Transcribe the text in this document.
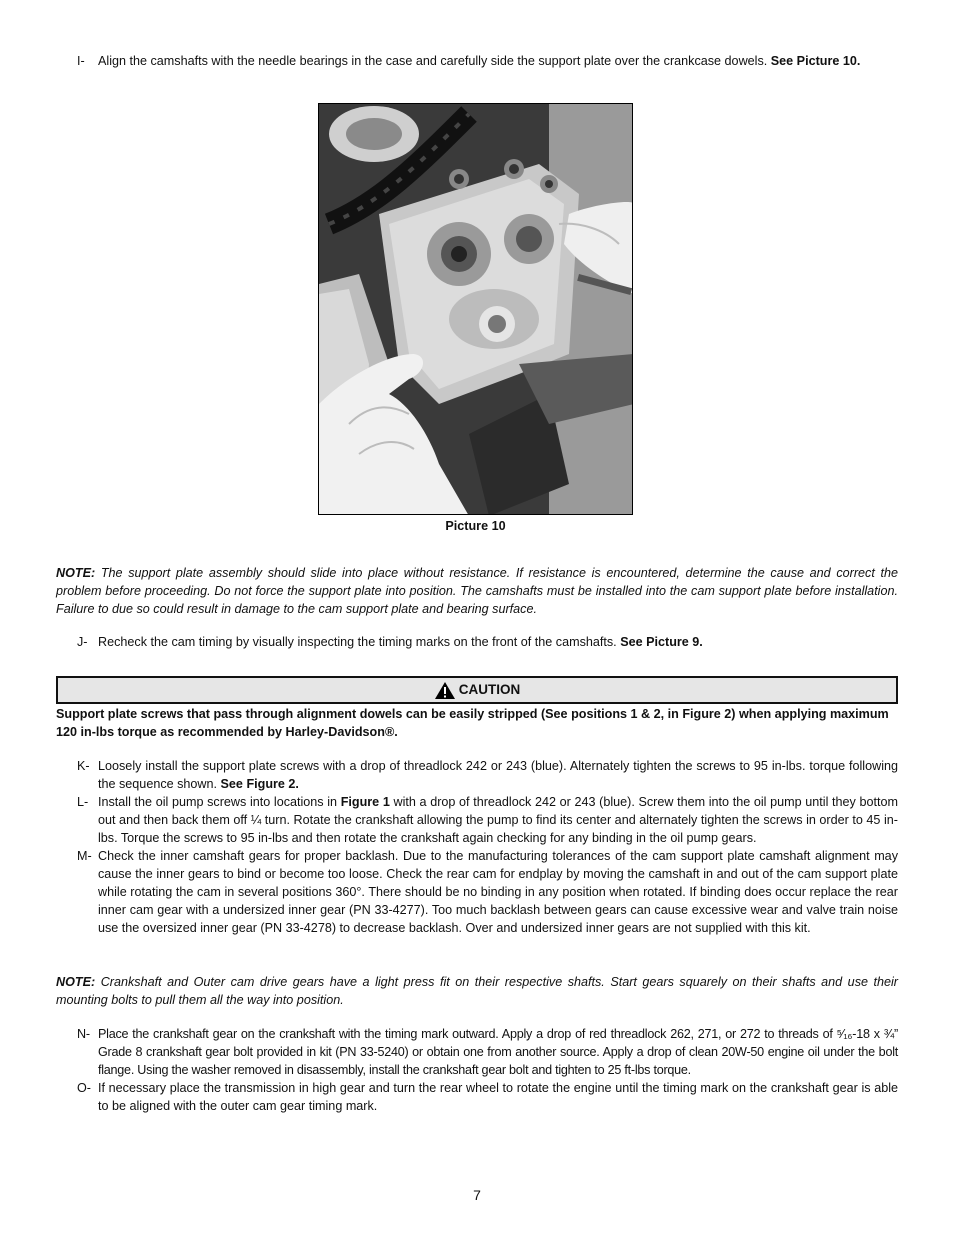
I-	Align the camshafts with the needle bearings in the case and carefully side the support plate over the crankcase dowels. See Picture 10.
Picture 10
NOTE: The support plate assembly should slide into place without resistance. If resistance is encountered, determine the cause and correct the problem before proceeding. Do not force the support plate into position. The camshafts must be installed into the cam support plate before installation. Failure to due so could result in damage to the cam support plate and bearing surface.
J- Recheck the cam timing by visually inspecting the timing marks on the front of the camshafts. See Picture 9.
CAUTION
Support plate screws that pass through alignment dowels can be easily stripped (See positions 1 & 2, in Figure 2) when applying maximum 120 in-lbs torque as recommended by Harley-Davidson®.
K- Loosely install the support plate screws with a drop of threadlock 242 or 243 (blue). Alternately tighten the screws to 95 in-lbs. torque following the sequence shown. See Figure 2.
L- Install the oil pump screws into locations in Figure 1 with a drop of threadlock 242 or 243 (blue). Screw them into the oil pump until they bottom out and then back them off ¼ turn. Rotate the crankshaft allowing the pump to find its center and alternately tighten the screws in order to 45 in-lbs. Torque the screws to 95 in-lbs and then rotate the crankshaft again checking for any binding in the oil pump gears.
M- Check the inner camshaft gears for proper backlash. Due to the manufacturing tolerances of the cam support plate camshaft alignment may cause the inner gears to bind or become too loose. Check the rear cam for endplay by moving the camshaft in and out of the cam support plate while rotating the cam in several positions 360°. There should be no binding in any position when rotated. If binding does occur replace the rear inner cam gear with a undersized inner gear (PN 33-4277). Too much backlash between gears can cause excessive wear and valve train noise use the oversized inner gear (PN 33-4278) to decrease backlash. Over and undersized inner gears are not supplied with this kit.
NOTE: Crankshaft and Outer cam drive gears have a light press fit on their respective shafts. Start gears squarely on their shafts and use their mounting bolts to pull them all the way into position.
N- Place the crankshaft gear on the crankshaft with the timing mark outward. Apply a drop of red threadlock 262, 271, or 272 to threads of ⁵⁄₁₆-18 x ¾” Grade 8 crankshaft gear bolt provided in kit (PN 33-5240) or obtain one from another source. Apply a drop of clean 20W-50 engine oil under the bolt flange. Using the washer removed in disassembly, install the crankshaft gear bolt and tighten to 25 ft-lbs torque.
O- If necessary place the transmission in high gear and turn the rear wheel to rotate the engine until the timing mark on the crankshaft gear is able to be aligned with the outer cam gear timing mark.
7
